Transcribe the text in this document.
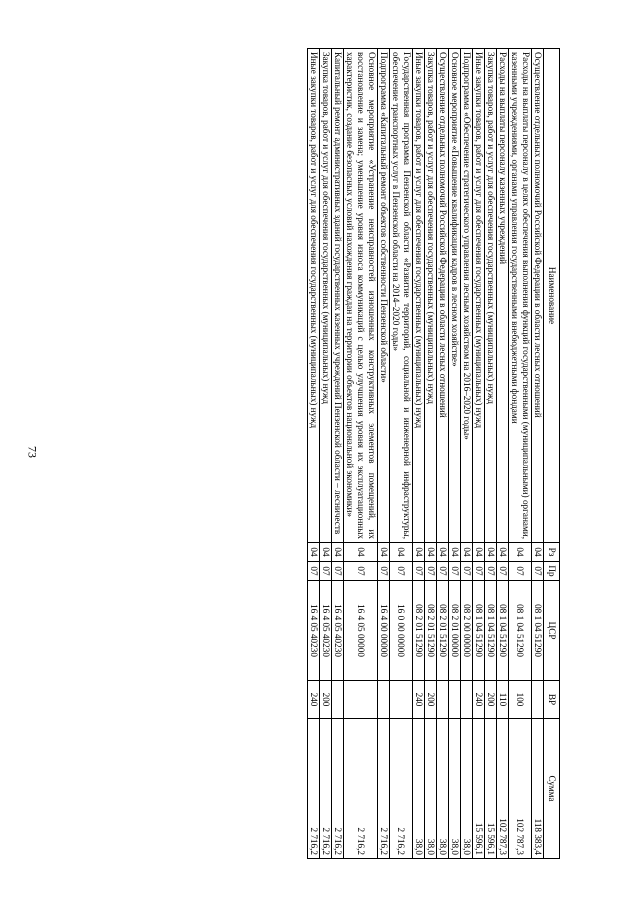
73
Наименование	Рз	Пр	ЦСР	ВР	Сумма
Осуществление отдельных полномочий Российской Федерации в области лесных отношений	04	07	08 1 04 51290		118 383,4
Расходы на выплаты персоналу в целях обеспечения выполнения функций государственными (муниципальными) органами, казенными учреждениями, органами управления государственными внебюджетными фондами	04	07	08 1 04 51290	100	102 787,3
Расходы на выплаты персоналу казенных учреждений	04	07	08 1 04 51290	110	102 787,3
Закупка товаров, работ и услуг для обеспечения государственных (муниципальных) нужд	04	07	08 1 04 51290	200	15 596,1
Иные закупки товаров, работ и услуг для обеспечения государственных (муниципальных) нужд	04	07	08 1 04 51290	240	15 596,1
Подпрограмма «Обеспечение стратегического управления лесным хозяйством на 2016–2020 годы»	04	07	08 2 00 00000		38,0
Основное мероприятие «Повышение квалификации кадров в лесном хозяйстве»	04	07	08 2 01 00000		38,0
Осуществление отдельных полномочий Российской Федерации в области лесных отношений	04	07	08 2 01 51290		38,0
Закупка товаров, работ и услуг для обеспечения государственных (муниципальных) нужд	04	07	08 2 01 51290	200	38,0
Иные закупки товаров, работ и услуг для обеспечения государственных (муниципальных) нужд	04	07	08 2 01 51290	240	38,0
Государственная программа Пензенской области «Развитие территорий, социальной и инженерной инфраструктуры, обеспечение транспортных услуг в Пензенской области на 2014–2020 годы»	04	07	16 0 00 00000		2 716,2
Подпрограмма «Капитальный ремонт объектов собственности Пензенской области»	04	07	16 4 00 00000		2 716,2
Основное мероприятие «Устранение неисправностей изношенных конструктивных элементов помещений, их восстановление и замена; уменьшение уровня износа коммуникаций с целью улучшения уровня их эксплуатационных характеристик, создание безопасных условий нахождения граждан на территории объектов национальной экономики»	04	07	16 4 05 00000		2 716,2
Капитальный ремонт административных зданий государственных казенных учреждений Пензенской области – лесничеств	04	07	16 4 05 40230		2 716,2
Закупка товаров, работ и услуг для обеспечения государственных (муниципальных) нужд	04	07	16 4 05 40230	200	2 716,2
Иные закупки товаров, работ и услуг для обеспечения государственных (муниципальных) нужд	04	07	16 4 05 40230	240	2 716,2
